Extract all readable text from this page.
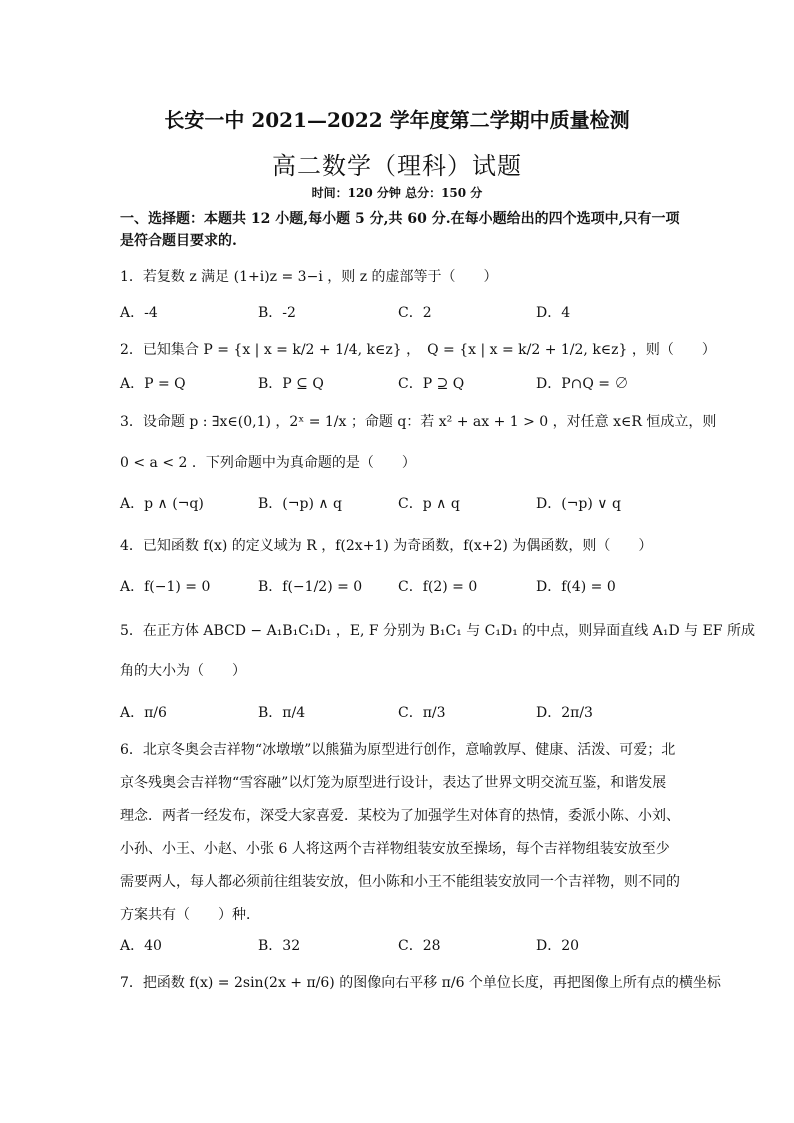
长安一中 2021—2022 学年度第二学期中质量检测
高二数学（理科）试题
时间：120 分钟 总分：150 分
一、选择题：本题共 12 小题,每小题 5 分,共 60 分.在每小题给出的四个选项中,只有一项是符合题目要求的.
1．若复数 z 满足 (1+i)z = 3−i ，则 z 的虚部等于（　　）
A．-4	B．-2	C．2	D．4
2．已知集合 P = {x | x = k/2 + 1/4, k∈z} ，　Q = {x | x = k/2 + 1/2, k∈z} ，则（　　）
A．P = Q	B．P ⊆ Q	C．P ⊇ Q	D．P∩Q = ∅
3．设命题 p : ∃x∈(0,1) ，2ˣ = 1/x ；命题 q：若 x² + ax + 1 > 0 ，对任意 x∈R 恒成立，则
0 < a < 2 ．下列命题中为真命题的是（　　）
A．p ∧ (¬q)	B．(¬p) ∧ q	C．p ∧ q	D．(¬p) ∨ q
4．已知函数 f(x) 的定义域为 R ，f(2x+1) 为奇函数，f(x+2) 为偶函数，则（　　）
A．f(−1) = 0	B．f(−1/2) = 0	C．f(2) = 0	D．f(4) = 0
5．在正方体 ABCD − A₁B₁C₁D₁ ，E, F 分别为 B₁C₁ 与 C₁D₁ 的中点，则异面直线 A₁D 与 EF 所成
角的大小为（　　）
A．π/6	B．π/4	C．π/3	D．2π/3
6．北京冬奥会吉祥物“冰墩墩”以熊猫为原型进行创作，意喻敦厚、健康、活泼、可爱；北京冬残奥会吉祥物“雪容融”以灯笼为原型进行设计，表达了世界文明交流互鉴，和谐发展理念．两者一经发布，深受大家喜爱．某校为了加强学生对体育的热情，委派小陈、小刘、小孙、小王、小赵、小张 6 人将这两个吉祥物组装安放至操场，每个吉祥物组装安放至少需要两人，每人都必须前往组装安放，但小陈和小王不能组装安放同一个吉祥物，则不同的方案共有（　　）种．
A．40	B．32	C．28	D．20
7．把函数 f(x) = 2sin(2x + π/6) 的图像向右平移 π/6 个单位长度，再把图像上所有点的横坐标
